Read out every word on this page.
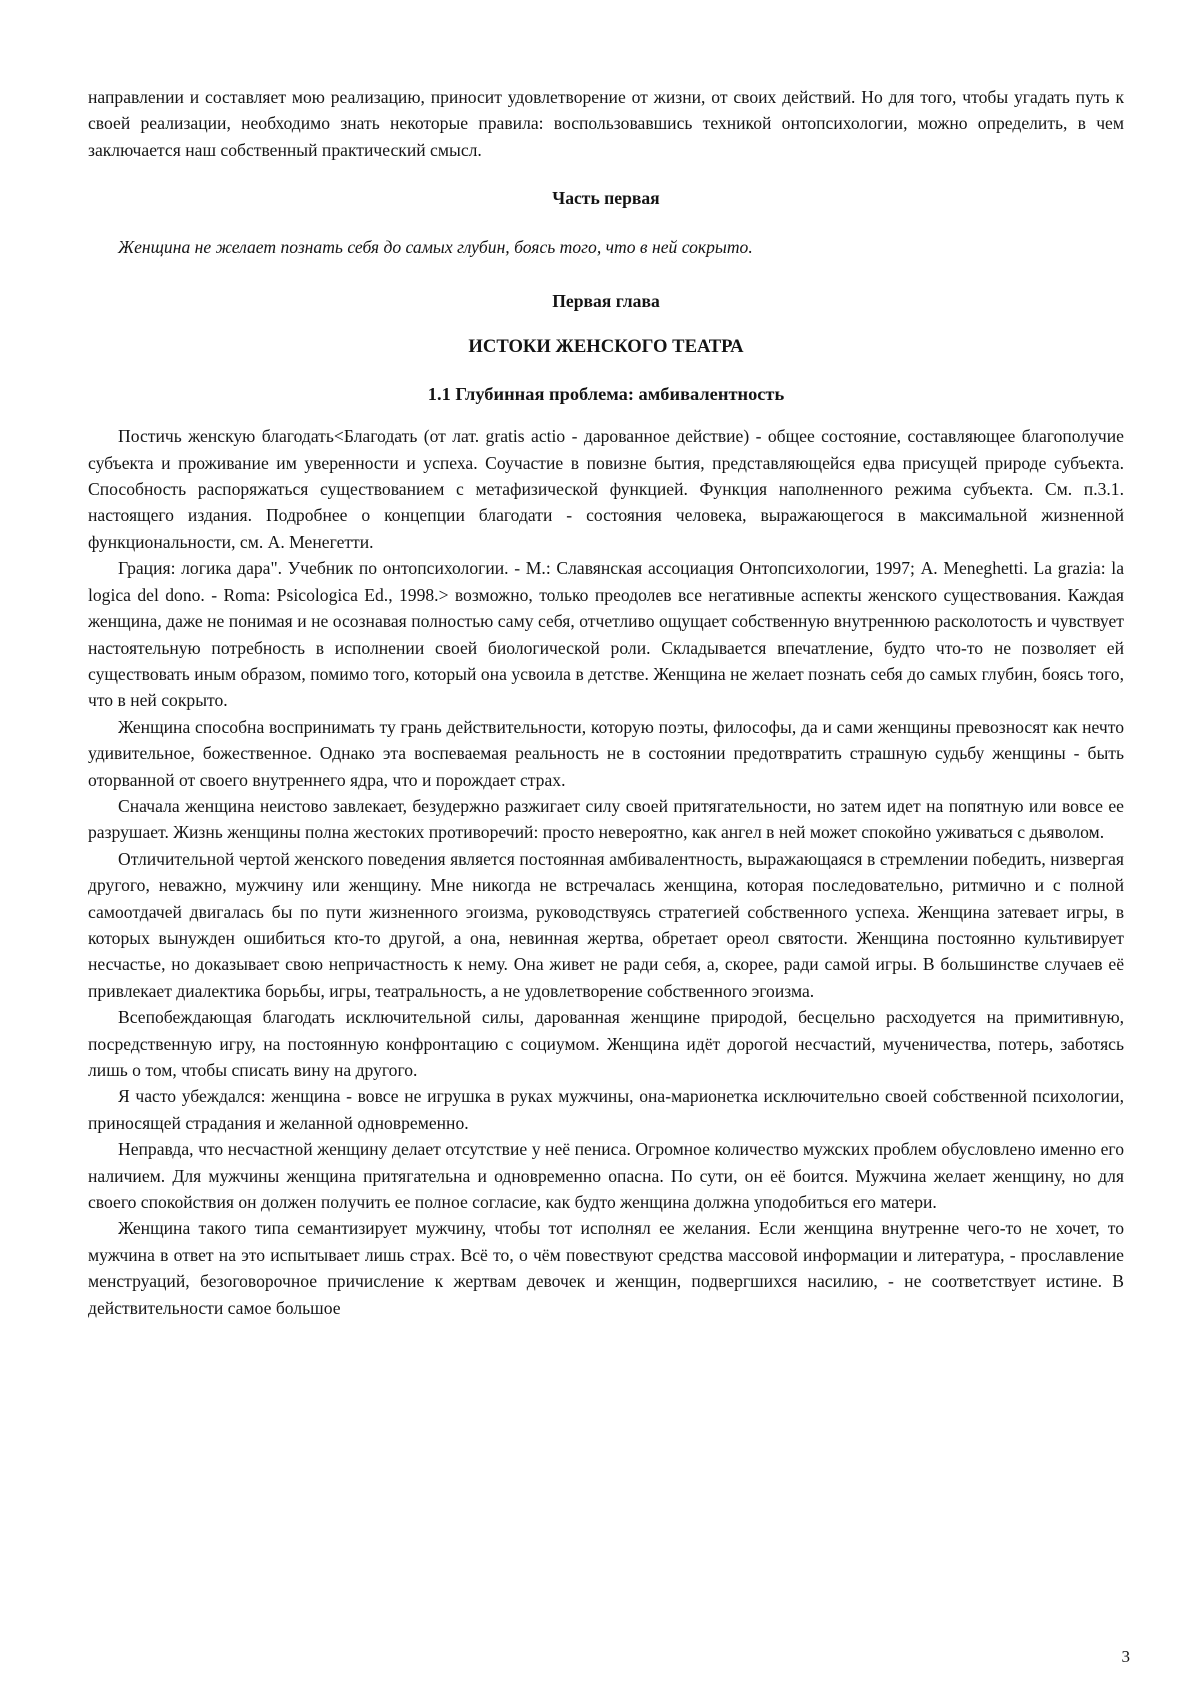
направлении и составляет мою реализацию, приносит удовлетворение от жизни, от своих действий. Но для того, чтобы угадать путь к своей реализации, необходимо знать некоторые правила: воспользовавшись техникой онтопсихологии, можно определить, в чем заключается наш собственный практический смысл.

Часть первая

Женщина не желает познать себя до самых глубин, боясь того, что в ней сокрыто.

Первая глава

ИСТОКИ ЖЕНСКОГО ТЕАТРА

1.1 Глубинная проблема: амбивалентность

Постичь женскую благодать<Благодать (от лат. gratis actio - дарованное действие) - общее состояние, составляющее благополучие субъекта и проживание им уверенности и успеха. Соучастие в повизне бытия, представляющейся едва присущей природе субъекта. Способность распоряжаться существованием с метафизической функцией. Функция наполненного режима субъекта. См. п.3.1. настоящего издания. Подробнее о концепции благодати - состояния человека, выражающегося в максимальной жизненной функциональности, см. А. Менегетти.

Грация: логика дара". Учебник по онтопсихологии. - М.: Славянская ассоциация Онтопсихологии, 1997; A. Meneghetti. La grazia: la logica del dono. - Roma: Psicologica Ed., 1998.> возможно, только преодолев все негативные аспекты женского существования. Каждая женщина, даже не понимая и не осознавая полностью саму себя, отчетливо ощущает собственную внутреннюю расколотость и чувствует настоятельную потребность в исполнении своей биологической роли. Складывается впечатление, будто что-то не позволяет ей существовать иным образом, помимо того, который она усвоила в детстве. Женщина не желает познать себя до самых глубин, боясь того, что в ней сокрыто.

Женщина способна воспринимать ту грань действительности, которую поэты, философы, да и сами женщины превозносят как нечто удивительное, божественное. Однако эта воспеваемая реальность не в состоянии предотвратить страшную судьбу женщины - быть оторванной от своего внутреннего ядра, что и порождает страх.

Сначала женщина неистово завлекает, безудержно разжигает силу своей притягательности, но затем идет на попятную или вовсе ее разрушает. Жизнь женщины полна жестоких противоречий: просто невероятно, как ангел в ней может спокойно уживаться с дьяволом.

Отличительной чертой женского поведения является постоянная амбивалентность, выражающаяся в стремлении победить, низвергая другого, неважно, мужчину или женщину. Мне никогда не встречалась женщина, которая последовательно, ритмично и с полной самоотдачей двигалась бы по пути жизненного эгоизма, руководствуясь стратегией собственного успеха. Женщина затевает игры, в которых вынужден ошибиться кто-то другой, а она, невинная жертва, обретает ореол святости. Женщина постоянно культивирует несчастье, но доказывает свою непричастность к нему. Она живет не ради себя, а, скорее, ради самой игры. В большинстве случаев её привлекает диалектика борьбы, игры, театральность, а не удовлетворение собственного эгоизма.

Всепобеждающая благодать исключительной силы, дарованная женщине природой, бесцельно расходуется на примитивную, посредственную игру, на постоянную конфронтацию с социумом. Женщина идёт дорогой несчастий, мученичества, потерь, заботясь лишь о том, чтобы списать вину на другого.

Я часто убеждался: женщина - вовсе не игрушка в руках мужчины, она-марионетка исключительно своей собственной психологии, приносящей страдания и желанной одновременно.

Неправда, что несчастной женщину делает отсутствие у неё пениса. Огромное количество мужских проблем обусловлено именно его наличием. Для мужчины женщина притягательна и одновременно опасна. По сути, он её боится. Мужчина желает женщину, но для своего спокойствия он должен получить ее полное согласие, как будто женщина должна уподобиться его матери.

Женщина такого типа семантизирует мужчину, чтобы тот исполнял ее желания. Если женщина внутренне чего-то не хочет, то мужчина в ответ на это испытывает лишь страх. Всё то, о чём повествуют средства массовой информации и литература, - прославление менструаций, безоговорочное причисление к жертвам девочек и женщин, подвергшихся насилию, - не соответствует истине. В действительности самое большое

3
